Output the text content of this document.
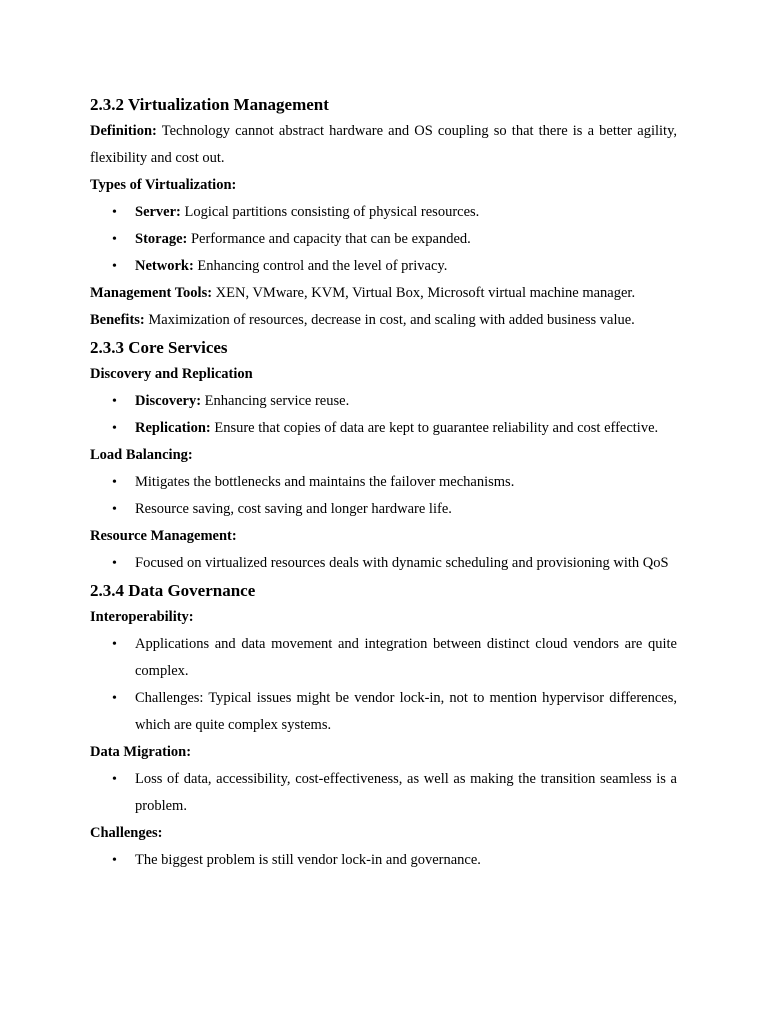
2.3.2 Virtualization Management

Definition: Technology cannot abstract hardware and OS coupling so that there is a better agility, flexibility and cost out.

Types of Virtualization:

• Server: Logical partitions consisting of physical resources.
• Storage: Performance and capacity that can be expanded.
• Network: Enhancing control and the level of privacy.

Management Tools: XEN, VMware, KVM, Virtual Box, Microsoft virtual machine manager.

Benefits: Maximization of resources, decrease in cost, and scaling with added business value.

2.3.3 Core Services

Discovery and Replication

• Discovery: Enhancing service reuse.
• Replication: Ensure that copies of data are kept to guarantee reliability and cost effective.

Load Balancing:

• Mitigates the bottlenecks and maintains the failover mechanisms.
• Resource saving, cost saving and longer hardware life.

Resource Management:

• Focused on virtualized resources deals with dynamic scheduling and provisioning with QoS
2.3.4 Data Governance

Interoperability:

• Applications and data movement and integration between distinct cloud vendors are quite complex.
• Challenges: Typical issues might be vendor lock-in, not to mention hypervisor differences, which are quite complex systems.

Data Migration:

• Loss of data, accessibility, cost-effectiveness, as well as making the transition seamless is a problem.

Challenges:

• The biggest problem is still vendor lock-in and governance.
